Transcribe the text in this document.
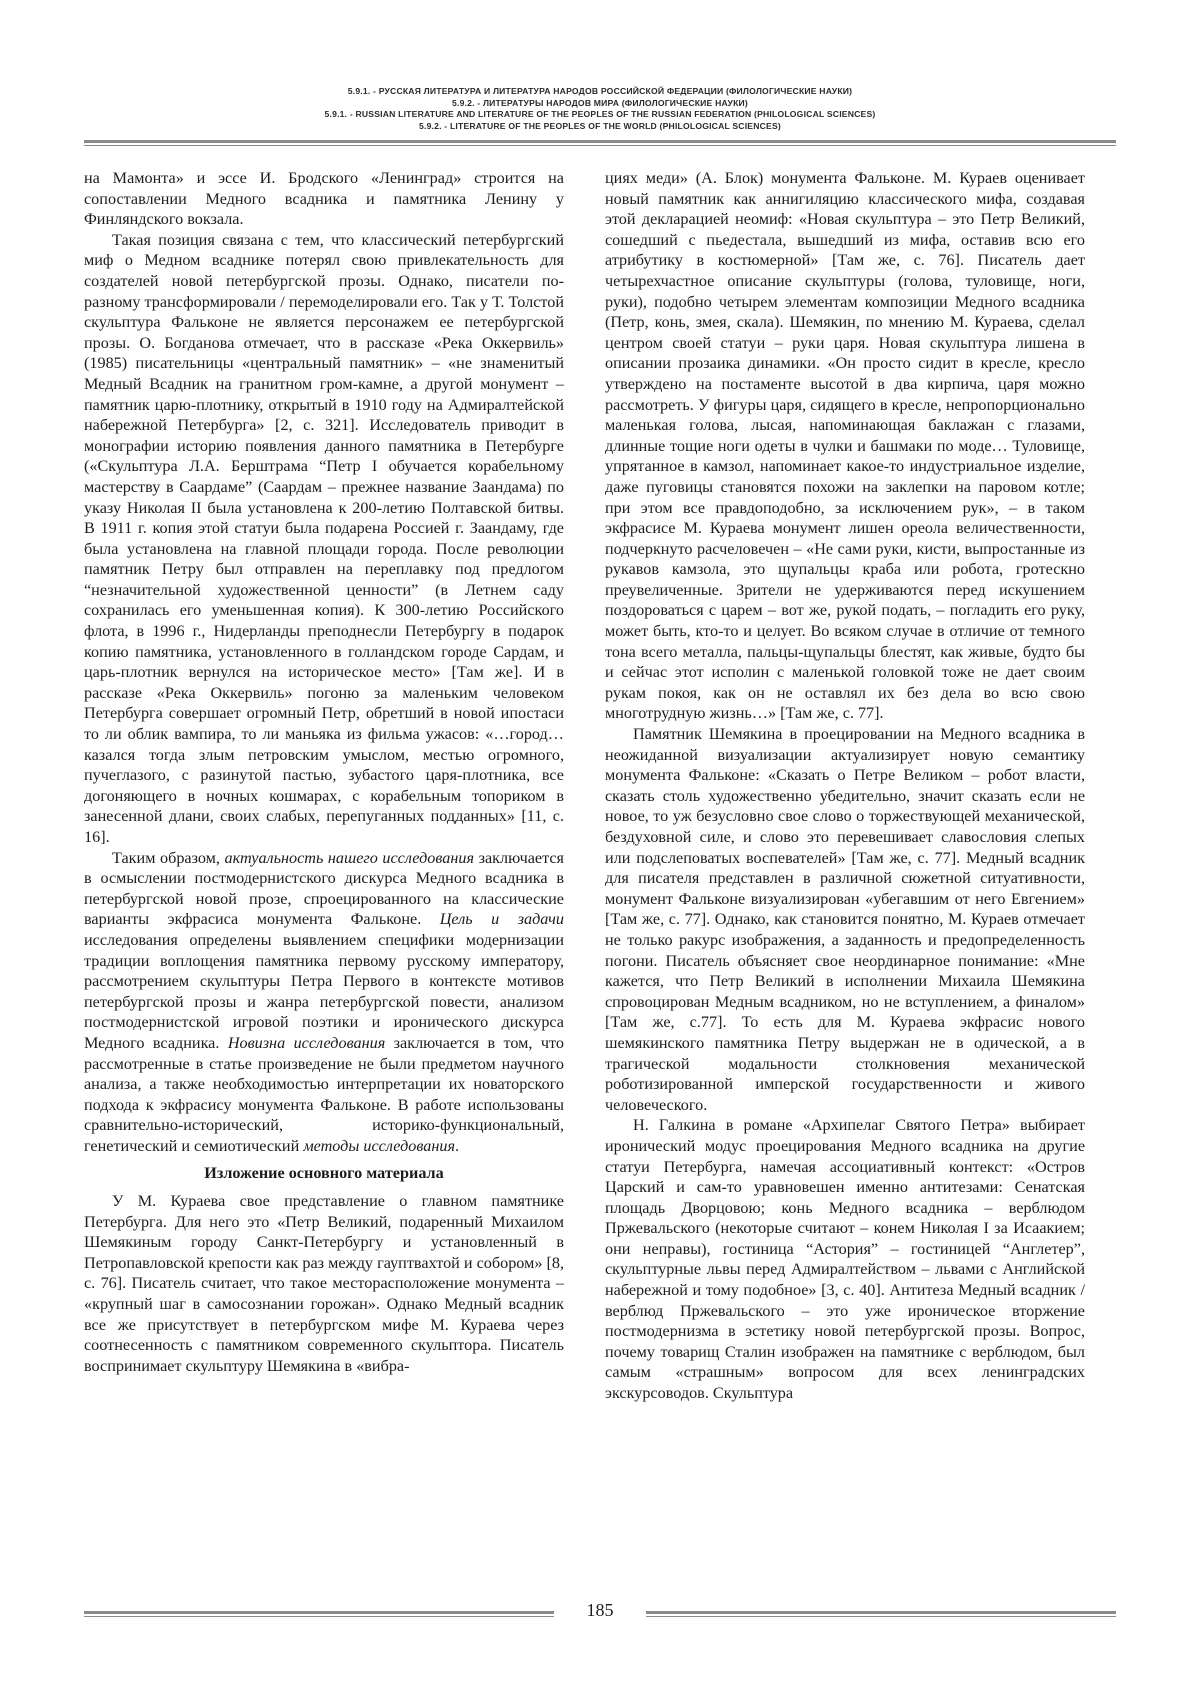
5.9.1. - РУССКАЯ ЛИТЕРАТУРА И ЛИТЕРАТУРА НАРОДОВ РОССИЙСКОЙ ФЕДЕРАЦИИ (ФИЛОЛОГИЧЕСКИЕ НАУКИ)
5.9.2. - ЛИТЕРАТУРЫ НАРОДОВ МИРА (ФИЛОЛОГИЧЕСКИЕ НАУКИ)
5.9.1. - RUSSIAN LITERATURE AND LITERATURE OF THE PEOPLES OF THE RUSSIAN FEDERATION (PHILOLOGICAL SCIENCES)
5.9.2. - LITERATURE OF THE PEOPLES OF THE WORLD (PHILOLOGICAL SCIENCES)

на Мамонта» и эссе И. Бродского «Ленинград» строится на сопоставлении Медного всадника и памятника Ленину у Финляндского вокзала.

Такая позиция связана с тем, что классический петербургский миф о Медном всаднике потерял свою привлекательность для создателей новой петербургской прозы. Однако, писатели по-разному трансформировали / перемоделировали его. Так у Т. Толстой скульптура Фальконе не является персонажем ее петербургской прозы. О. Богданова отмечает, что в рассказе «Река Оккервиль» (1985) писательницы «центральный памятник» – «не знаменитый Медный Всадник на гранитном гром-камне, а другой монумент – памятник царю-плотнику, открытый в 1910 году на Адмиралтейской набережной Петербурга» [2, с. 321]. Исследователь приводит в монографии историю появления данного памятника в Петербурге («Скульптура Л.А. Берштрама “Петр I обучается корабельному мастерству в Саардаме” (Саардам – прежнее название Заандама) по указу Николая II была установлена к 200-летию Полтавской битвы. В 1911 г. копия этой статуи была подарена Россией г. Заандаму, где была установлена на главной площади города. После революции памятник Петру был отправлен на переплавку под предлогом “незначительной художественной ценности” (в Летнем саду сохранилась его уменьшенная копия). К 300-летию Российского флота, в 1996 г., Нидерланды преподнесли Петербургу в подарок копию памятника, установленного в голландском городе Сардам, и царь-плотник вернулся на историческое место» [Там же]. И в рассказе «Река Оккервиль» погоню за маленьким человеком Петербурга совершает огромный Петр, обретший в новой ипостаси то ли облик вампира, то ли маньяка из фильма ужасов: «…город… казался тогда злым петровским умыслом, местью огромного, пучеглазого, с разинутой пастью, зубастого царя-плотника, все догоняющего в ночных кошмарах, с корабельным топориком в занесенной длани, своих слабых, перепуганных подданных» [11, с. 16].

Таким образом, актуальность нашего исследования заключается в осмыслении постмодернистского дискурса Медного всадника в петербургской новой прозе, спроецированного на классические варианты экфрасиса монумента Фальконе. Цель и задачи исследования определены выявлением специфики модернизации традиции воплощения памятника первому русскому императору, рассмотрением скульптуры Петра Первого в контексте мотивов петербургской прозы и жанра петербургской повести, анализом постмодернистской игровой поэтики и иронического дискурса Медного всадника. Новизна исследования заключается в том, что рассмотренные в статье произведение не были предметом научного анализа, а также необходимостью интерпретации их новаторского подхода к экфрасису монумента Фальконе. В работе использованы сравнительно-исторический, историко-функциональный, генетический и семиотический методы исследования.

Изложение основного материала

У М. Кураева свое представление о главном памятнике Петербурга. Для него это «Петр Великий, подаренный Михаилом Шемякиным городу Санкт-Петербургу и установленный в Петропавловской крепости как раз между гауптвахтой и собором» [8, с. 76]. Писатель считает, что такое месторасположение монумента – «крупный шаг в самосознании горожан». Однако Медный всадник все же присутствует в петербургском мифе М. Кураева через соотнесенность с памятником современного скульптора. Писатель воспринимает скульптуру Шемякина в «вибра-

циях меди» (А. Блок) монумента Фальконе. М. Кураев оценивает новый памятник как аннигиляцию классического мифа, создавая этой декларацией неомиф: «Новая скульптура – это Петр Великий, сошедший с пьедестала, вышедший из мифа, оставив всю его атрибутику в костюмерной» [Там же, с. 76]. Писатель дает четырехчастное описание скульптуры (голова, туловище, ноги, руки), подобно четырем элементам композиции Медного всадника (Петр, конь, змея, скала). Шемякин, по мнению М. Кураева, сделал центром своей статуи – руки царя. Новая скульптура лишена в описании прозаика динамики. «Он просто сидит в кресле, кресло утверждено на постаменте высотой в два кирпича, царя можно рассмотреть. У фигуры царя, сидящего в кресле, непропорционально маленькая голова, лысая, напоминающая баклажан с глазами, длинные тощие ноги одеты в чулки и башмаки по моде… Туловище, упрятанное в камзол, напоминает какое-то индустриальное изделие, даже пуговицы становятся похожи на заклепки на паровом котле; при этом все правдоподобно, за исключением рук», – в таком экфрасисе М. Кураева монумент лишен ореола величественности, подчеркнуто расчеловечен – «Не сами руки, кисти, выпростанные из рукавов камзола, это щупальцы краба или робота, гротескно преувеличенные. Зрители не удерживаются перед искушением поздороваться с царем – вот же, рукой подать, – погладить его руку, может быть, кто-то и целует. Во всяком случае в отличие от темного тона всего металла, пальцы-щупальцы блестят, как живые, будто бы и сейчас этот исполин с маленькой головкой тоже не дает своим рукам покоя, как он не оставлял их без дела во всю свою многотрудную жизнь…» [Там же, с. 77].

Памятник Шемякина в проецировании на Медного всадника в неожиданной визуализации актуализирует новую семантику монумента Фальконе: «Сказать о Петре Великом – робот власти, сказать столь художественно убедительно, значит сказать если не новое, то уж безусловно свое слово о торжествующей механической, бездуховной силе, и слово это перевешивает славословия слепых или подслеповатых воспевателей» [Там же, с. 77]. Медный всадник для писателя представлен в различной сюжетной ситуативности, монумент Фальконе визуализирован «убегавшим от него Евгением» [Там же, с. 77]. Однако, как становится понятно, М. Кураев отмечает не только ракурс изображения, а заданность и предопределенность погони. Писатель объясняет свое неординарное понимание: «Мне кажется, что Петр Великий в исполнении Михаила Шемякина спровоцирован Медным всадником, но не вступлением, а финалом» [Там же, с.77]. То есть для М. Кураева экфрасис нового шемякинского памятника Петру выдержан не в одической, а в трагической модальности столкновения механической роботизированной имперской государственности и живого человеческого.

Н. Галкина в романе «Архипелаг Святого Петра» выбирает иронический модус проецирования Медного всадника на другие статуи Петербурга, намечая ассоциативный контекст: «Остров Царский и сам-то уравновешен именно антитезами: Сенатская площадь Дворцовою; конь Медного всадника – верблюдом Пржевальского (некоторые считают – конем Николая I за Исаакием; они неправы), гостиница “Астория” – гостиницей “Англетер”, скульптурные львы перед Адмиралтейством – львами с Английской набережной и тому подобное» [3, с. 40]. Антитеза Медный всадник / верблюд Пржевальского – это уже ироническое вторжение постмодернизма в эстетику новой петербургской прозы. Вопрос, почему товарищ Сталин изображен на памятнике с верблюдом, был самым «страшным» вопросом для всех ленинградских экскурсоводов. Скульптура

185
